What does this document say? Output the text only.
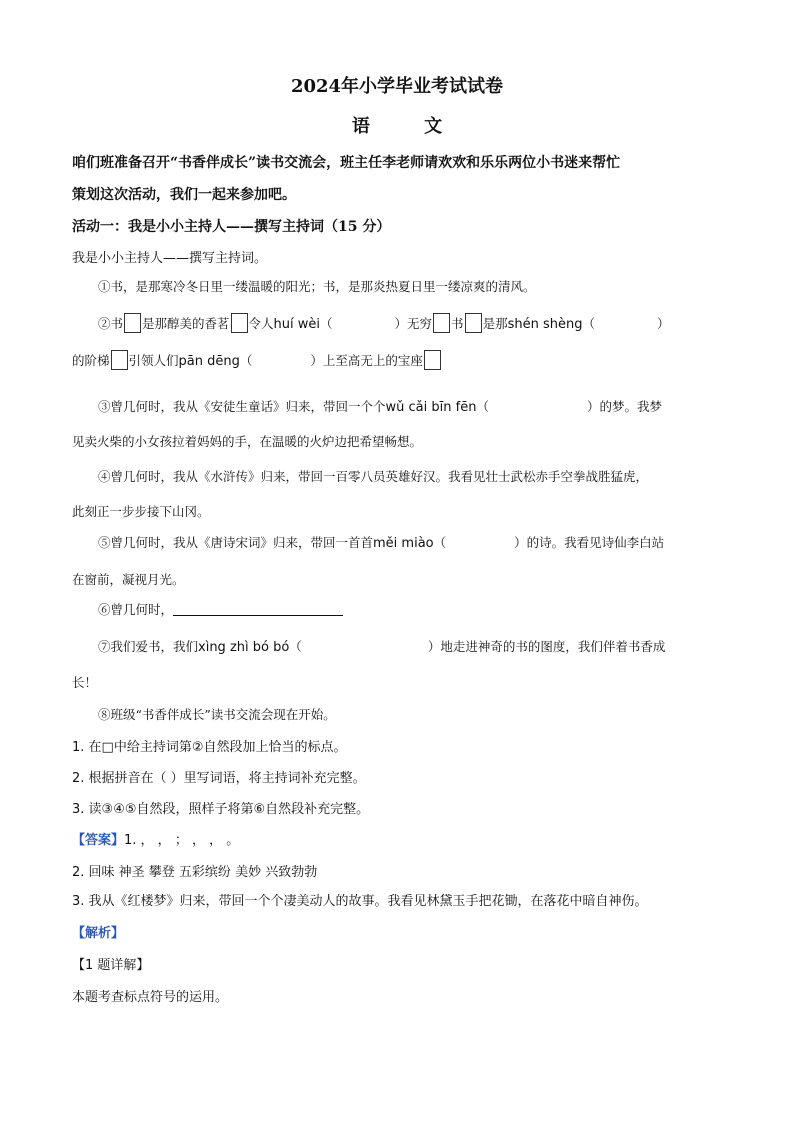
2024年小学毕业考试试卷
语 文
咱们班准备召开“书香伴成长”读书交流会，班主任李老师请欢欢和乐乐两位小书迷来帮忙
策划这次活动，我们一起来参加吧。
活动一：我是小小主持人——撰写主持词（15 分）
我是小小主持人——撰写主持词。
①书，是那寒冷冬日里一缕温暖的阳光；书，是那炎热夏日里一缕凉爽的清风。
②书 是那醇美的香茗 令人huí wèi（	）无穷 书 是那shén shèng（	）
的阶梯 引领人们pān dēng（	）上至高无上的宝座
③曾几何时，我从《安徒生童话》归来，带回一个个wǔ cǎi bīn fēn（	）的梦。我梦
见卖火柴的小女孩拉着妈妈的手，在温暖的火炉边把希望畅想。
④曾几何时，我从《水浒传》归来，带回一百零八员英雄好汉。我看见壮士武松赤手空拳战胜猛虎，
此刻正一步步接下山冈。
⑤曾几何时，我从《唐诗宋词》归来，带回一首首měi miào（	）的诗。我看见诗仙李白站
在窗前，凝视月光。
⑥曾几何时，
⑦我们爱书，我们xìng zhì bó bó（	）地走进神奇的书的图度，我们伴着书香成
长！
⑧班级“书香伴成长”读书交流会现在开始。
1. 在□中给主持词第②自然段加上恰当的标点。
2. 根据拼音在（ ）里写词语，将主持词补充完整。
3. 读③④⑤自然段，照样子将第⑥自然段补充完整。
【答案】1. ， ， ； ， ， 。
2. 回味 神圣 攀登 五彩缤纷 美妙 兴致勃勃
3. 我从《红楼梦》归来，带回一个个凄美动人的故事。我看见林黛玉手把花锄，在落花中暗自神伤。
【解析】
【1 题详解】
本题考查标点符号的运用。
